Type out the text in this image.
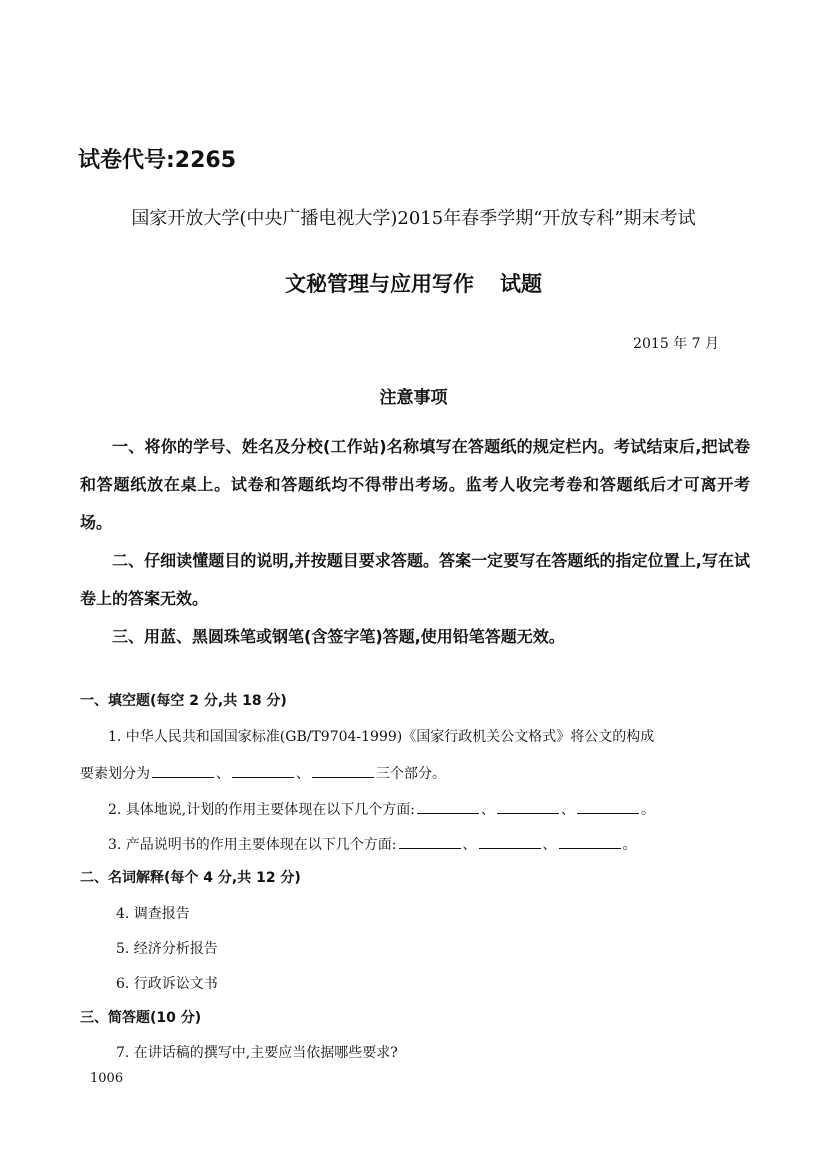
试卷代号:2265
国家开放大学(中央广播电视大学)2015年春季学期“开放专科”期末考试
文秘管理与应用写作 试题
2015 年 7 月
注意事项

一、将你的学号、姓名及分校(工作站)名称填写在答题纸的规定栏内。考试结束后,把试卷和答题纸放在桌上。试卷和答题纸均不得带出考场。监考人收完考卷和答题纸后才可离开考场。

二、仔细读懂题目的说明,并按题目要求答题。答案一定要写在答题纸的指定位置上,写在试卷上的答案无效。

三、用蓝、黑圆珠笔或钢笔(含签字笔)答题,使用铅笔答题无效。

一、填空题(每空 2 分,共 18 分)
1. 中华人民共和国国家标准(GB/T9704-1999)《国家行政机关公文格式》将公文的构成
要素划分为	、	、	三个部分。
2. 具体地说,计划的作用主要体现在以下几个方面:	、	、	。
3. 产品说明书的作用主要体现在以下几个方面:	、	、	。
二、名词解释(每个 4 分,共 12 分)
4. 调查报告
5. 经济分析报告
6. 行政诉讼文书
三、简答题(10 分)
7. 在讲话稿的撰写中,主要应当依据哪些要求?
1006
